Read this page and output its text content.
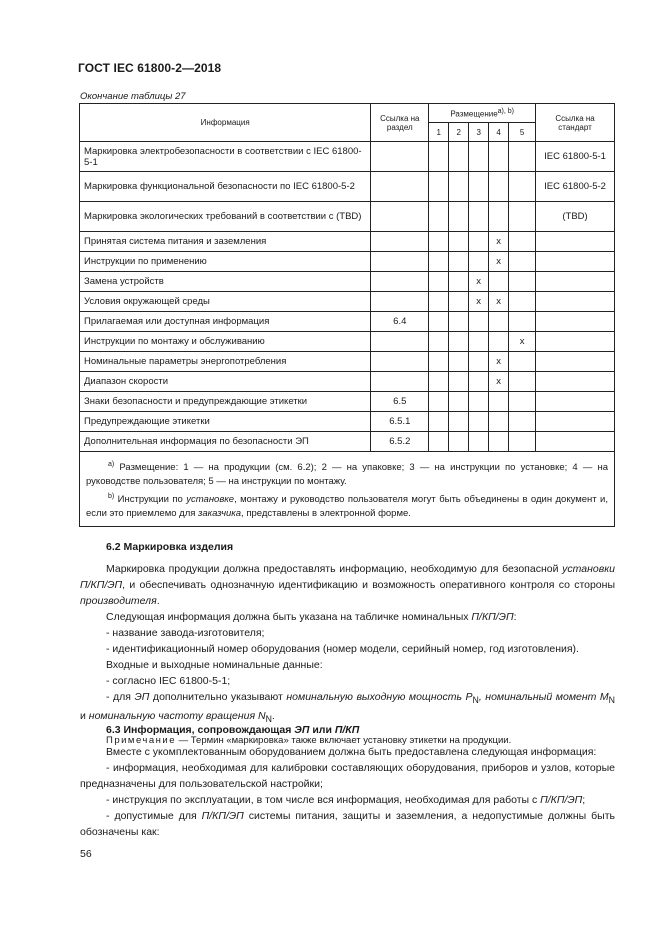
ГОСТ IEC 61800-2—2018
Окончание таблицы 27
Информация	Ссылка на раздел	Размещение$^{a), b)}$					Ссылка на стандарт
		1	2	3	4	5	
Маркировка электробезопасности в соответствии с IEC 61800-5-1							IEC 61800-5-1
Маркировка функциональной безопасности по IEC 61800-5-2							IEC 61800-5-2
Маркировка экологических требований в соответствии с (TBD)							(TBD)
Принятая система питания и заземления					x		
Инструкции по применению					x		
Замена устройств				x			
Условия окружающей среды				x	x		
Прилагаемая или доступная информация	6.4						
Инструкции по монтажу и обслуживанию						x	
Номинальные параметры энергопотребления					x		
Диапазон скорости					x		
Знаки безопасности и предупреждающие этикетки	6.5						
Предупреждающие этикетки	6.5.1						
Дополнительная информация по безопасности ЭП	6.5.2						

$^{a)}$ Размещение: 1 — на продукции (см. 6.2); 2 — на упаковке; 3 — на инструкции по установке; 4 — на руководстве пользователя; 5 — на инструкции по монтажу.

$^{b)}$ Инструкции по установке, монтажу и руководство пользователя могут быть объединены в один документ и, если это приемлемо для заказчика, представлены в электронной форме.							

6.2 Маркировка изделия

Маркировка продукции должна предоставлять информацию, необходимую для безопасной установки П/КП/ЭП, и обеспечивать однозначную идентификацию и возможность оперативного контроля со стороны производителя.

Следующая информация должна быть указана на табличке номинальных П/КП/ЭП:

- название завода-изготовителя;

- идентификационный номер оборудования (номер модели, серийный номер, год изготовления).

Входные и выходные номинальные данные:

- согласно IEC 61800-5-1;

- для ЭП дополнительно указывают номинальную выходную мощность $P_N$, номинальный момент $M_N$ и номинальную частоту вращения $N_N$.

Примечание — Термин «маркировка» также включает установку этикетки на продукции.

6.3 Информация, сопровождающая ЭП или П/КП

Вместе с укомплектованным оборудованием должна быть предоставлена следующая информация:

- информация, необходимая для калибровки составляющих оборудования, приборов и узлов, которые предназначены для пользовательской настройки;

- инструкция по эксплуатации, в том числе вся информация, необходимая для работы с П/КП/ЭП;

- допустимые для П/КП/ЭП системы питания, защиты и заземления, а недопустимые должны быть обозначены как:

56
